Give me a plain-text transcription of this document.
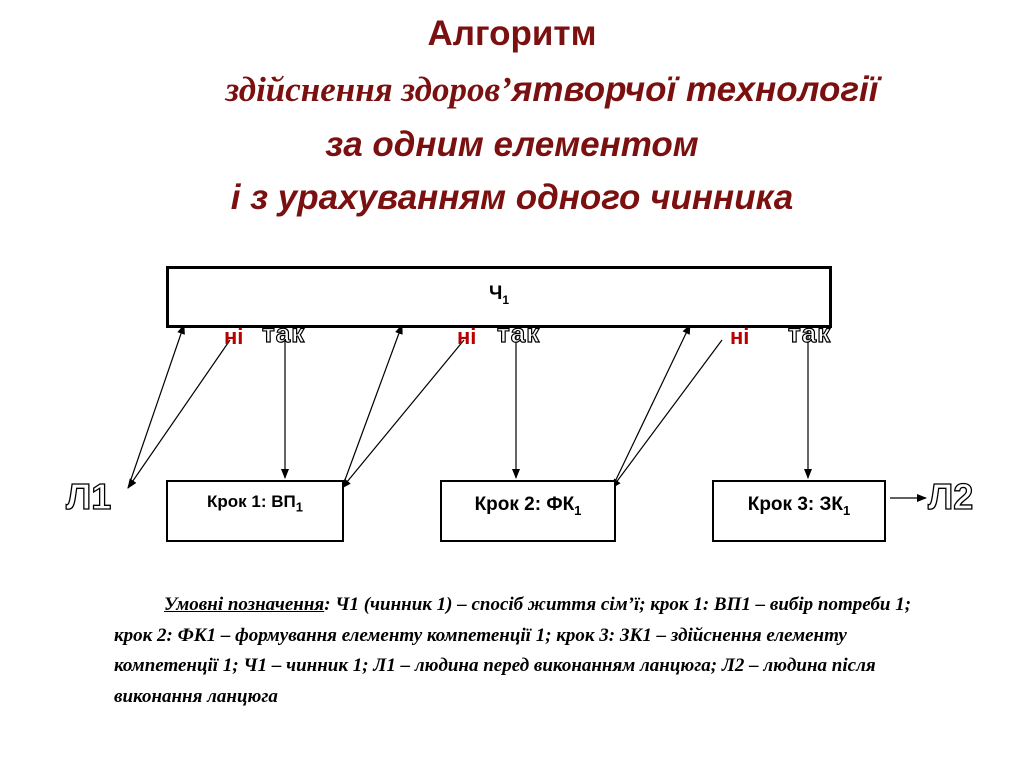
Алгоритм
здійснення здоров’ятворчої технології
за одним елементом
і з урахуванням одного чинника
$Ч_1$
ні так	ні так	ні так
Л1	Л2
Крок 1: $ВП_1$	Крок 2: $ФК_1$	Крок 3: $ЗК_1$
Умовні позначення: Ч1 (чинник 1) – спосіб життя сім’ї; крок 1: ВП1 – вибір потреби 1; крок 2: ФК1 – формування елементу компетенції 1; крок 3: ЗК1 – здійснення елементу компетенції 1; Ч1 – чинник 1; Л1 – людина перед виконанням ланцюга; Л2 – людина після виконання ланцюга
